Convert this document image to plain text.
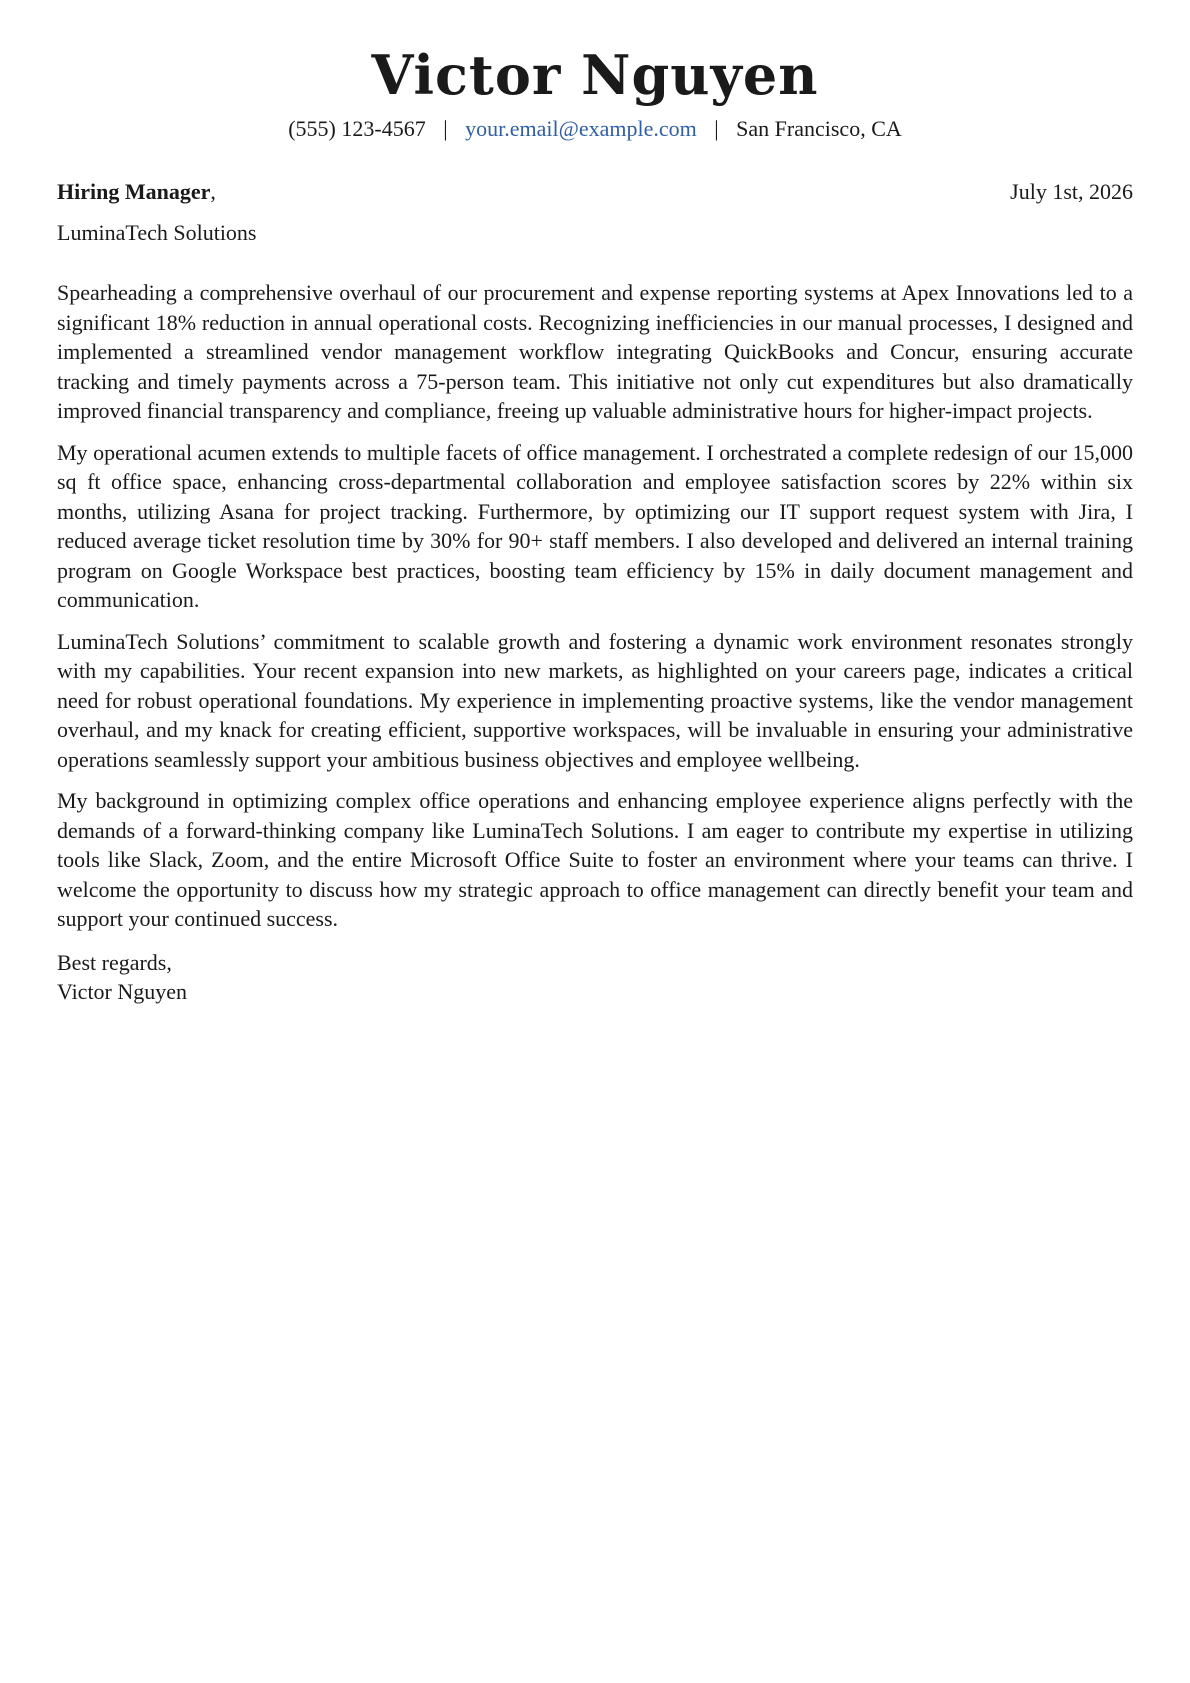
Victor Nguyen
(555) 123-4567 | your.email@example.com | San Francisco, CA
Hiring Manager,	July 1st, 2026
LuminaTech Solutions

Spearheading a comprehensive overhaul of our procurement and expense reporting systems at Apex Innovations led to a significant 18% reduction in annual operational costs. Recognizing inefficiencies in our manual processes, I designed and implemented a streamlined vendor management workflow integrating QuickBooks and Concur, ensuring accurate tracking and timely payments across a 75-person team. This initiative not only cut expenditures but also dramatically improved financial transparency and compliance, freeing up valuable administrative hours for higher-impact projects.

My operational acumen extends to multiple facets of office management. I orchestrated a complete redesign of our 15,000 sq ft office space, enhancing cross-departmental collaboration and employee satisfaction scores by 22% within six months, utilizing Asana for project tracking. Furthermore, by optimizing our IT support request system with Jira, I reduced average ticket resolution time by 30% for 90+ staff members. I also developed and delivered an internal training program on Google Workspace best practices, boosting team efficiency by 15% in daily document management and communication.

LuminaTech Solutions’ commitment to scalable growth and fostering a dynamic work environment resonates strongly with my capabilities. Your recent expansion into new markets, as highlighted on your careers page, indicates a critical need for robust operational foundations. My experience in implementing proactive systems, like the vendor management overhaul, and my knack for creating efficient, supportive workspaces, will be invaluable in ensuring your administrative operations seamlessly support your ambitious business objectives and employee wellbeing.

My background in optimizing complex office operations and enhancing employee experience aligns perfectly with the demands of a forward-thinking company like LuminaTech Solutions. I am eager to contribute my expertise in utilizing tools like Slack, Zoom, and the entire Microsoft Office Suite to foster an environment where your teams can thrive. I welcome the opportunity to discuss how my strategic approach to office management can directly benefit your team and support your continued success.

Best regards,
Victor Nguyen
